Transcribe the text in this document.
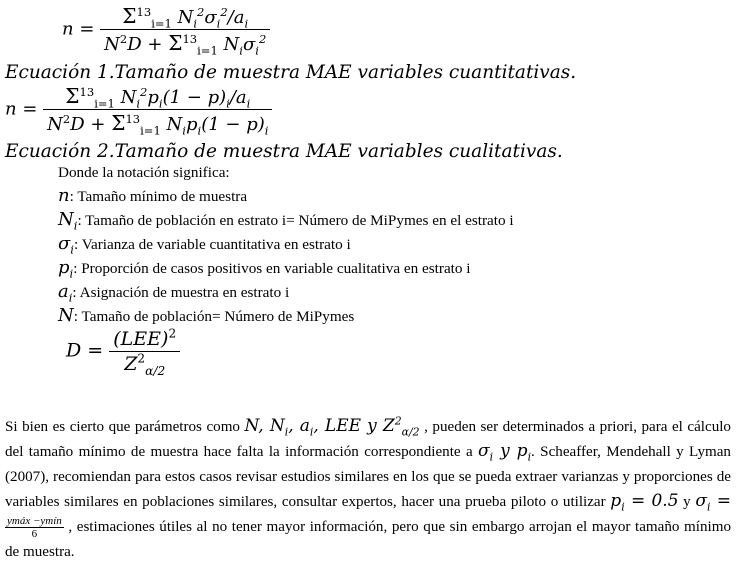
$n = \frac{\Sigma^{13}_{i=1} N_i^2\sigma_i^2/a_i}{N^2D + \Sigma^{13}_{i=1} N_i\sigma_i^2}$
Ecuación 1.Tamaño de muestra MAE variables cuantitativas.
$n = \frac{\Sigma^{13}_{i=1} N_i^2p_i(1 - p)_i/a_i}{N^2D + \Sigma^{13}_{i=1} N_ip_i(1 - p)_i}$
Ecuación 2.Tamaño de muestra MAE variables cualitativas.
Donde la notación significa:
n: Tamaño mínimo de muestra
$N_i$: Tamaño de población en estrato i= Número de MiPymes en el estrato i
$\sigma_i$: Varianza de variable cuantitativa en estrato i
$p_i$: Proporción de casos positivos en variable cualitativa en estrato i
$a_i$: Asignación de muestra en estrato i
N: Tamaño de población= Número de MiPymes
$D = \frac{(LEE)^2}{Z^2_{\alpha/2}}$
Si bien es cierto que parámetros como N, $N_i$, $a_i$, LEE y $Z^2_{\alpha/2}$ , pueden ser determinados a priori, para el cálculo del tamaño mínimo de muestra hace falta la información correspondiente a $\sigma_i$ y $p_i$. Scheaffer, Mendehall y Lyman (2007), recomiendan para estos casos revisar estudios similares en los que se pueda extraer varianzas y proporciones de variables similares en poblaciones similares, consultar expertos, hacer una prueba piloto o utilizar $p_i = 0.5$ y $\sigma_i$ =
ymáx −ymín
6	, estimaciones útiles al no tener mayor información, pero que sin embargo arrojan el mayor tamaño mínimo de muestra.
